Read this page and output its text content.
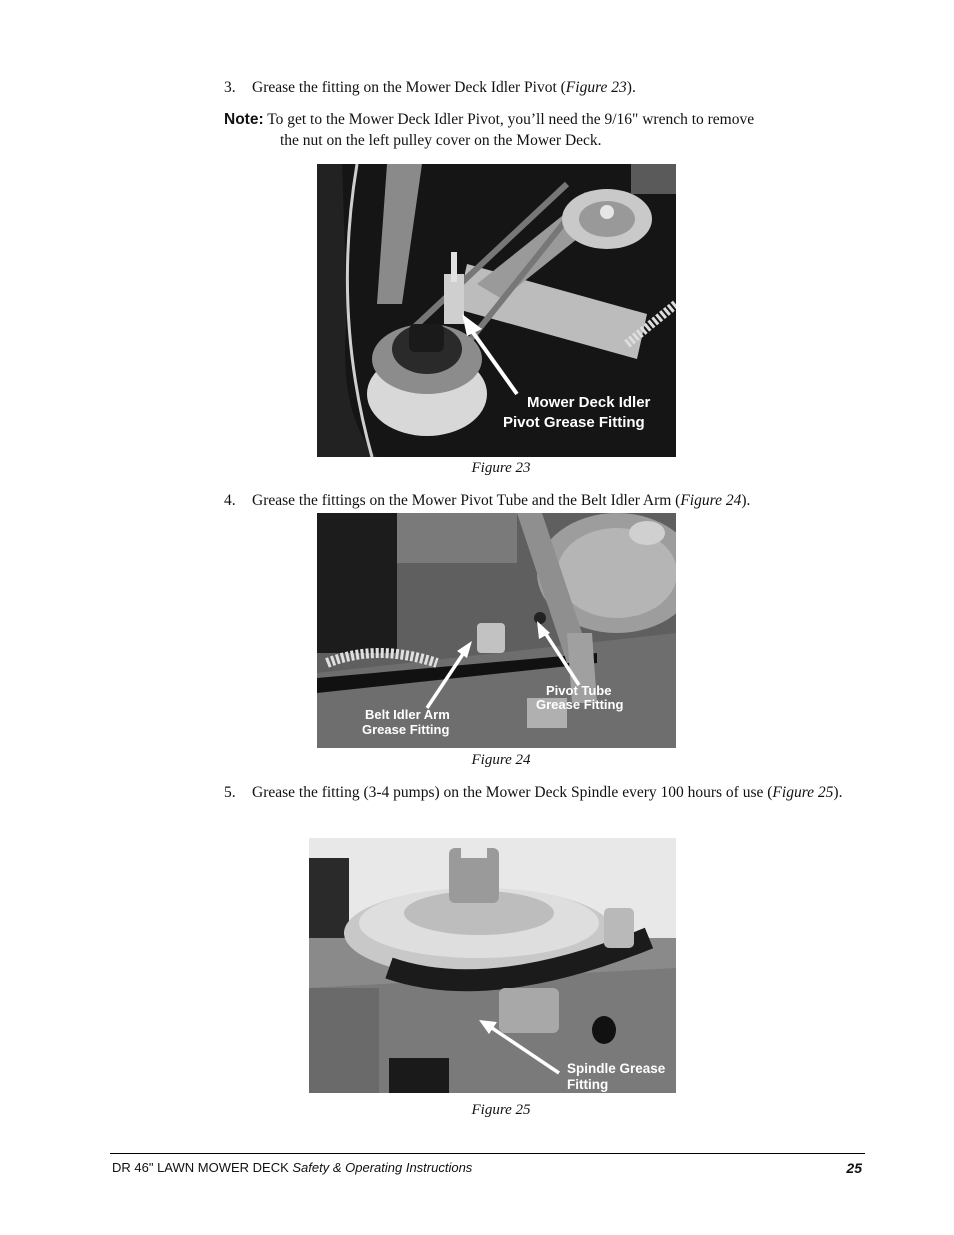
3. Grease the fitting on the Mower Deck Idler Pivot (Figure 23).
Note: To get to the Mower Deck Idler Pivot, you’ll need the 9/16" wrench to remove
the nut on the left pulley cover on the Mower Deck.
Mower Deck Idler
Pivot Grease Fitting
Figure 23
4. Grease the fittings on the Mower Pivot Tube and the Belt Idler Arm (Figure 24).
Pivot Tube
Grease Fitting
Belt Idler Arm
Grease Fitting
Figure 24
5. Grease the fitting (3-4 pumps) on the Mower Deck Spindle every 100 hours of use (Figure 25).
Spindle Grease
Fitting
Figure 25
DR 46" LAWN MOWER DECK Safety & Operating Instructions	25
